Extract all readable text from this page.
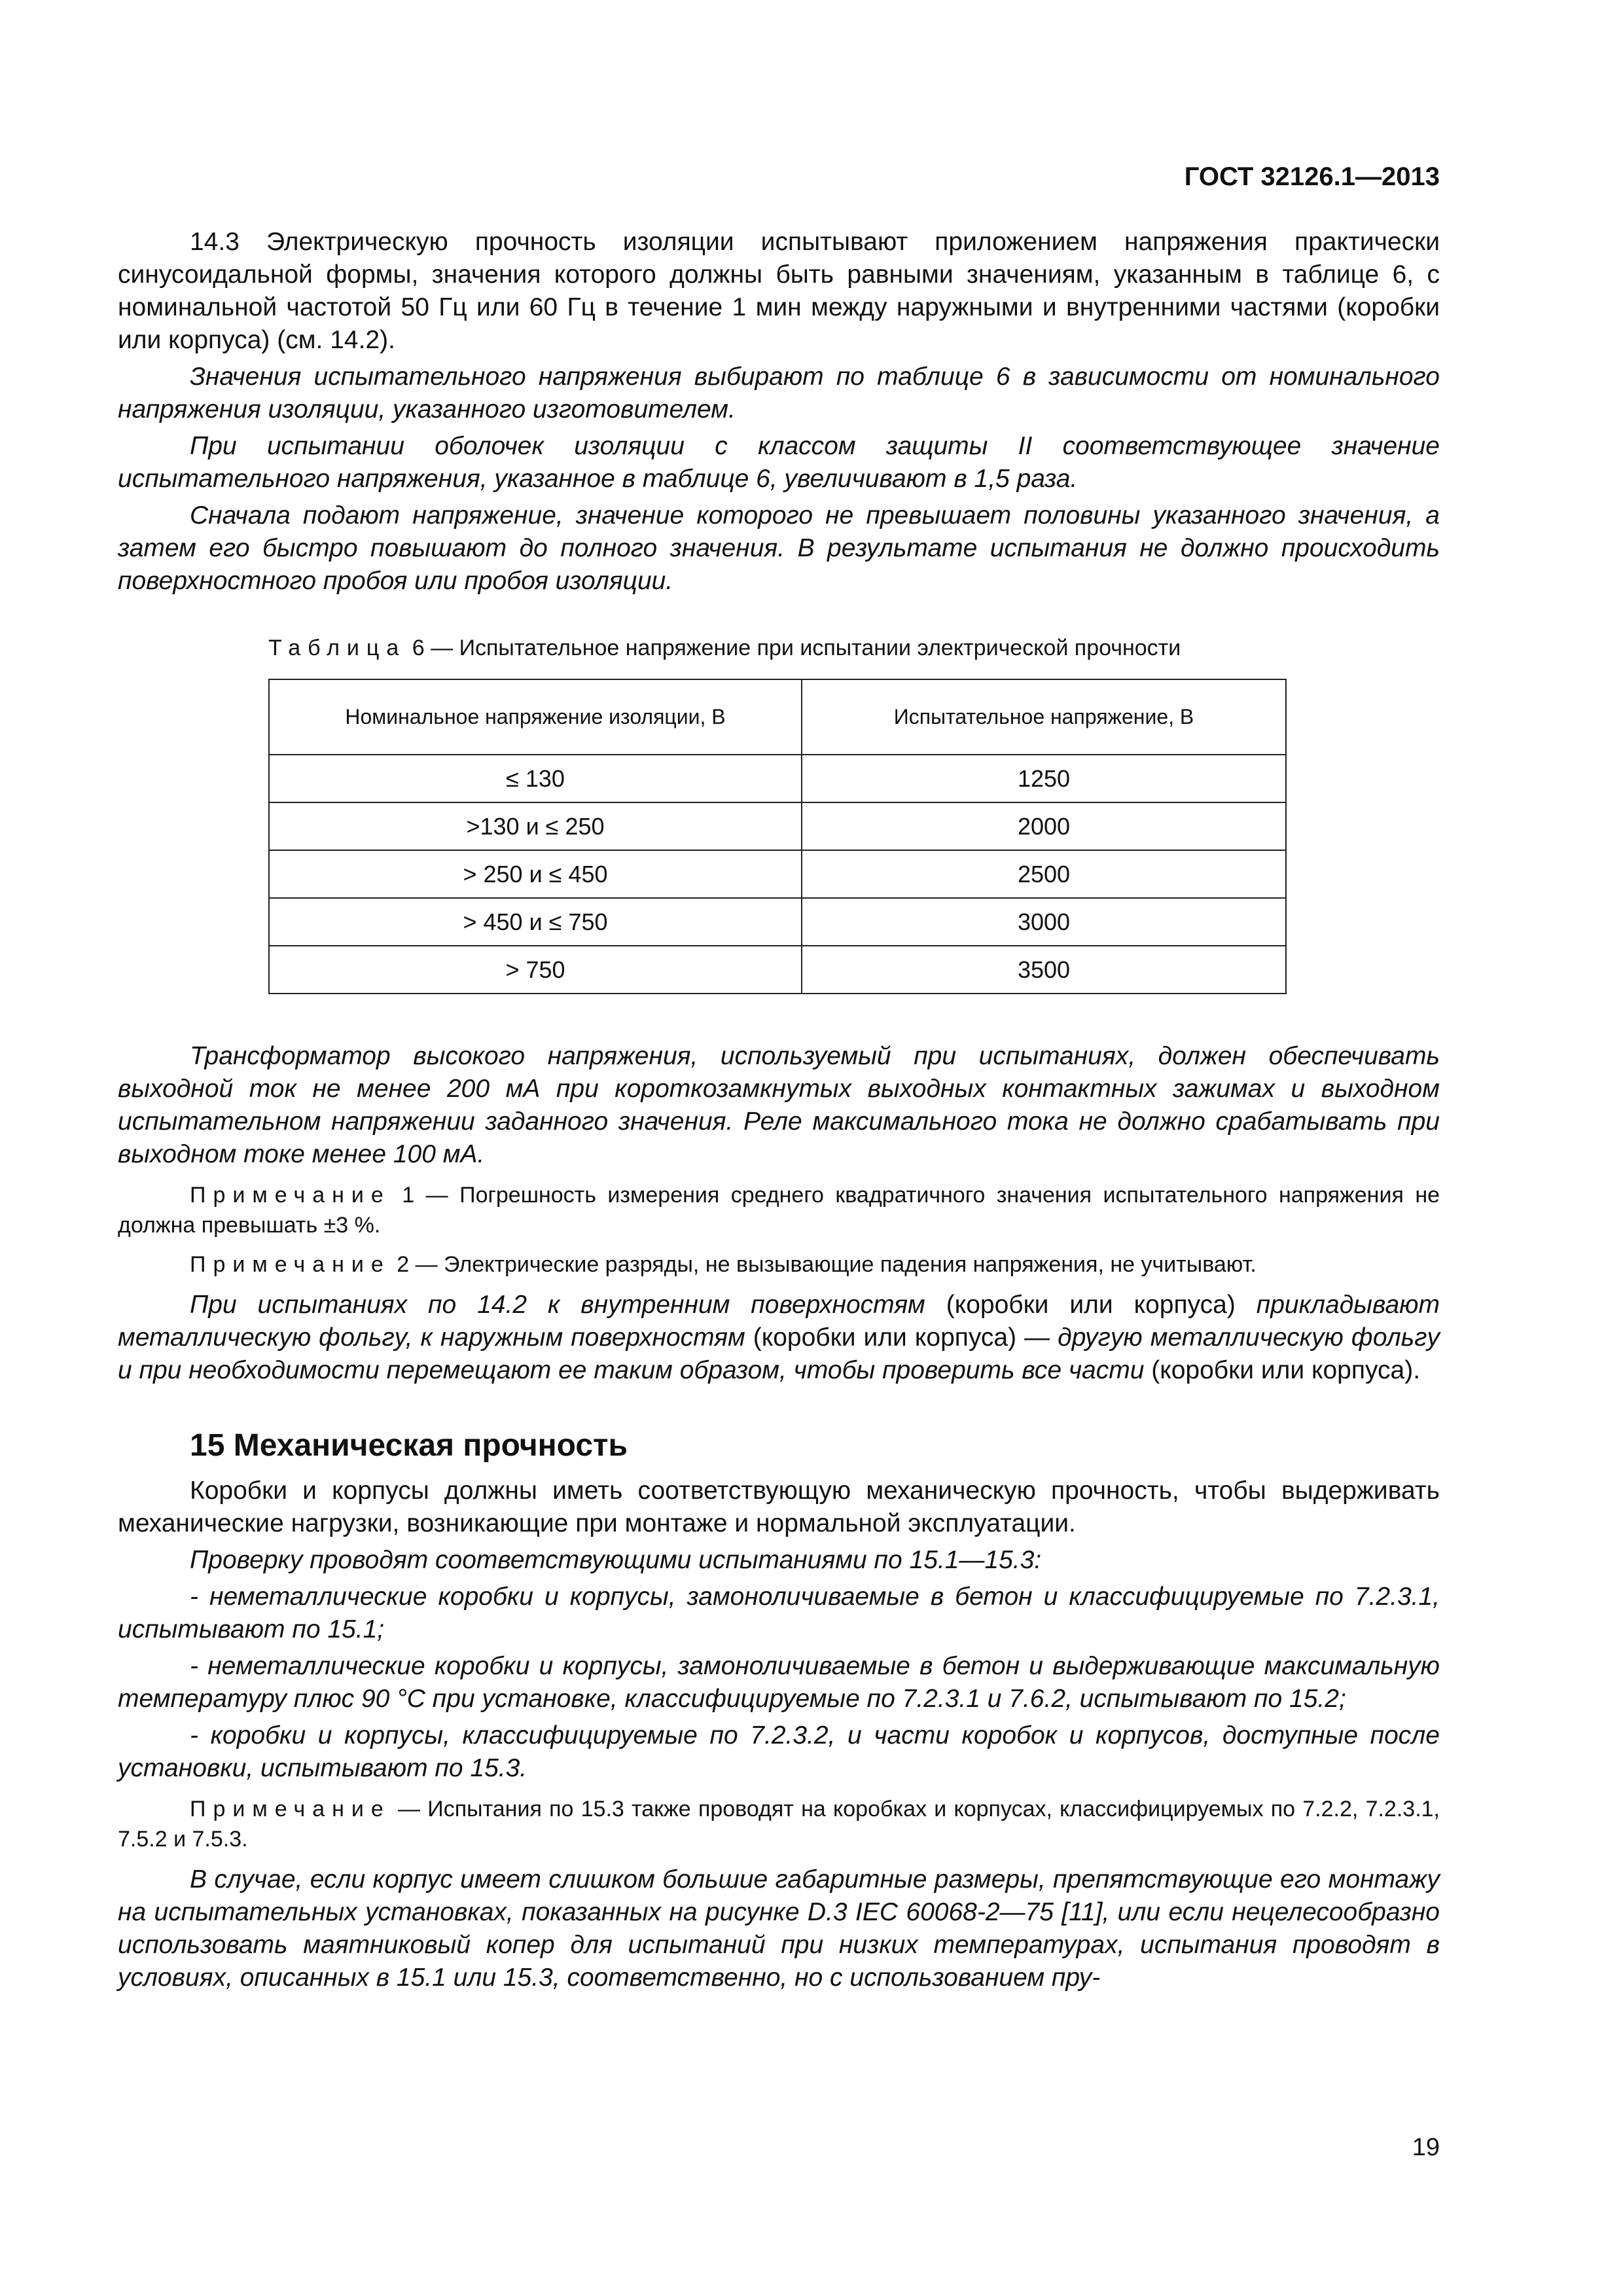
ГОСТ 32126.1—2013

14.3 Электрическую прочность изоляции испытывают приложением напряжения практически синусоидальной формы, значения которого должны быть равными значениям, указанным в таблице 6, с номинальной частотой 50 Гц или 60 Гц в течение 1 мин между наружными и внутренними частями (коробки или корпуса) (см. 14.2).

Значения испытательного напряжения выбирают по таблице 6 в зависимости от номинального напряжения изоляции, указанного изготовителем.

При испытании оболочек изоляции с классом защиты II соответствующее значение испытательного напряжения, указанное в таблице 6, увеличивают в 1,5 раза.

Сначала подают напряжение, значение которого не превышает половины указанного значения, а затем его быстро повышают до полного значения. В результате испытания не должно происходить поверхностного пробоя или пробоя изоляции.

Таблица 6 — Испытательное напряжение при испытании электрической прочности
Номинальное напряжение изоляции, В	Испытательное напряжение, В
≤ 130	1250
>130 и ≤ 250	2000
> 250 и ≤ 450	2500
> 450 и ≤ 750	3000
> 750	3500

Трансформатор высокого напряжения, используемый при испытаниях, должен обеспечивать выходной ток не менее 200 мА при короткозамкнутых выходных контактных зажимах и выходном испытательном напряжении заданного значения. Реле максимального тока не должно срабатывать при выходном токе менее 100 мА.

Примечание 1 — Погрешность измерения среднего квадратичного значения испытательного напряжения не должна превышать ±3 %.

Примечание 2 — Электрические разряды, не вызывающие падения напряжения, не учитывают.

При испытаниях по 14.2 к внутренним поверхностям (коробки или корпуса) прикладывают металлическую фольгу, к наружным поверхностям (коробки или корпуса) — другую металлическую фольгу и при необходимости перемещают ее таким образом, чтобы проверить все части (коробки или корпуса).

15 Механическая прочность

Коробки и корпусы должны иметь соответствующую механическую прочность, чтобы выдерживать механические нагрузки, возникающие при монтаже и нормальной эксплуатации.

Проверку проводят соответствующими испытаниями по 15.1—15.3:

- неметаллические коробки и корпусы, замоноличиваемые в бетон и классифицируемые по 7.2.3.1, испытывают по 15.1;

- неметаллические коробки и корпусы, замоноличиваемые в бетон и выдерживающие максимальную температуру плюс 90 °С при установке, классифицируемые по 7.2.3.1 и 7.6.2, испытывают по 15.2;

- коробки и корпусы, классифицируемые по 7.2.3.2, и части коробок и корпусов, доступные после установки, испытывают по 15.3.

Примечание — Испытания по 15.3 также проводят на коробках и корпусах, классифицируемых по 7.2.2, 7.2.3.1, 7.5.2 и 7.5.3.

В случае, если корпус имеет слишком большие габаритные размеры, препятствующие его монтажу на испытательных установках, показанных на рисунке D.3 IEC 60068-2—75 [11], или если нецелесообразно использовать маятниковый копер для испытаний при низких температурах, испытания проводят в условиях, описанных в 15.1 или 15.3, соответственно, но с использованием пру-

19
